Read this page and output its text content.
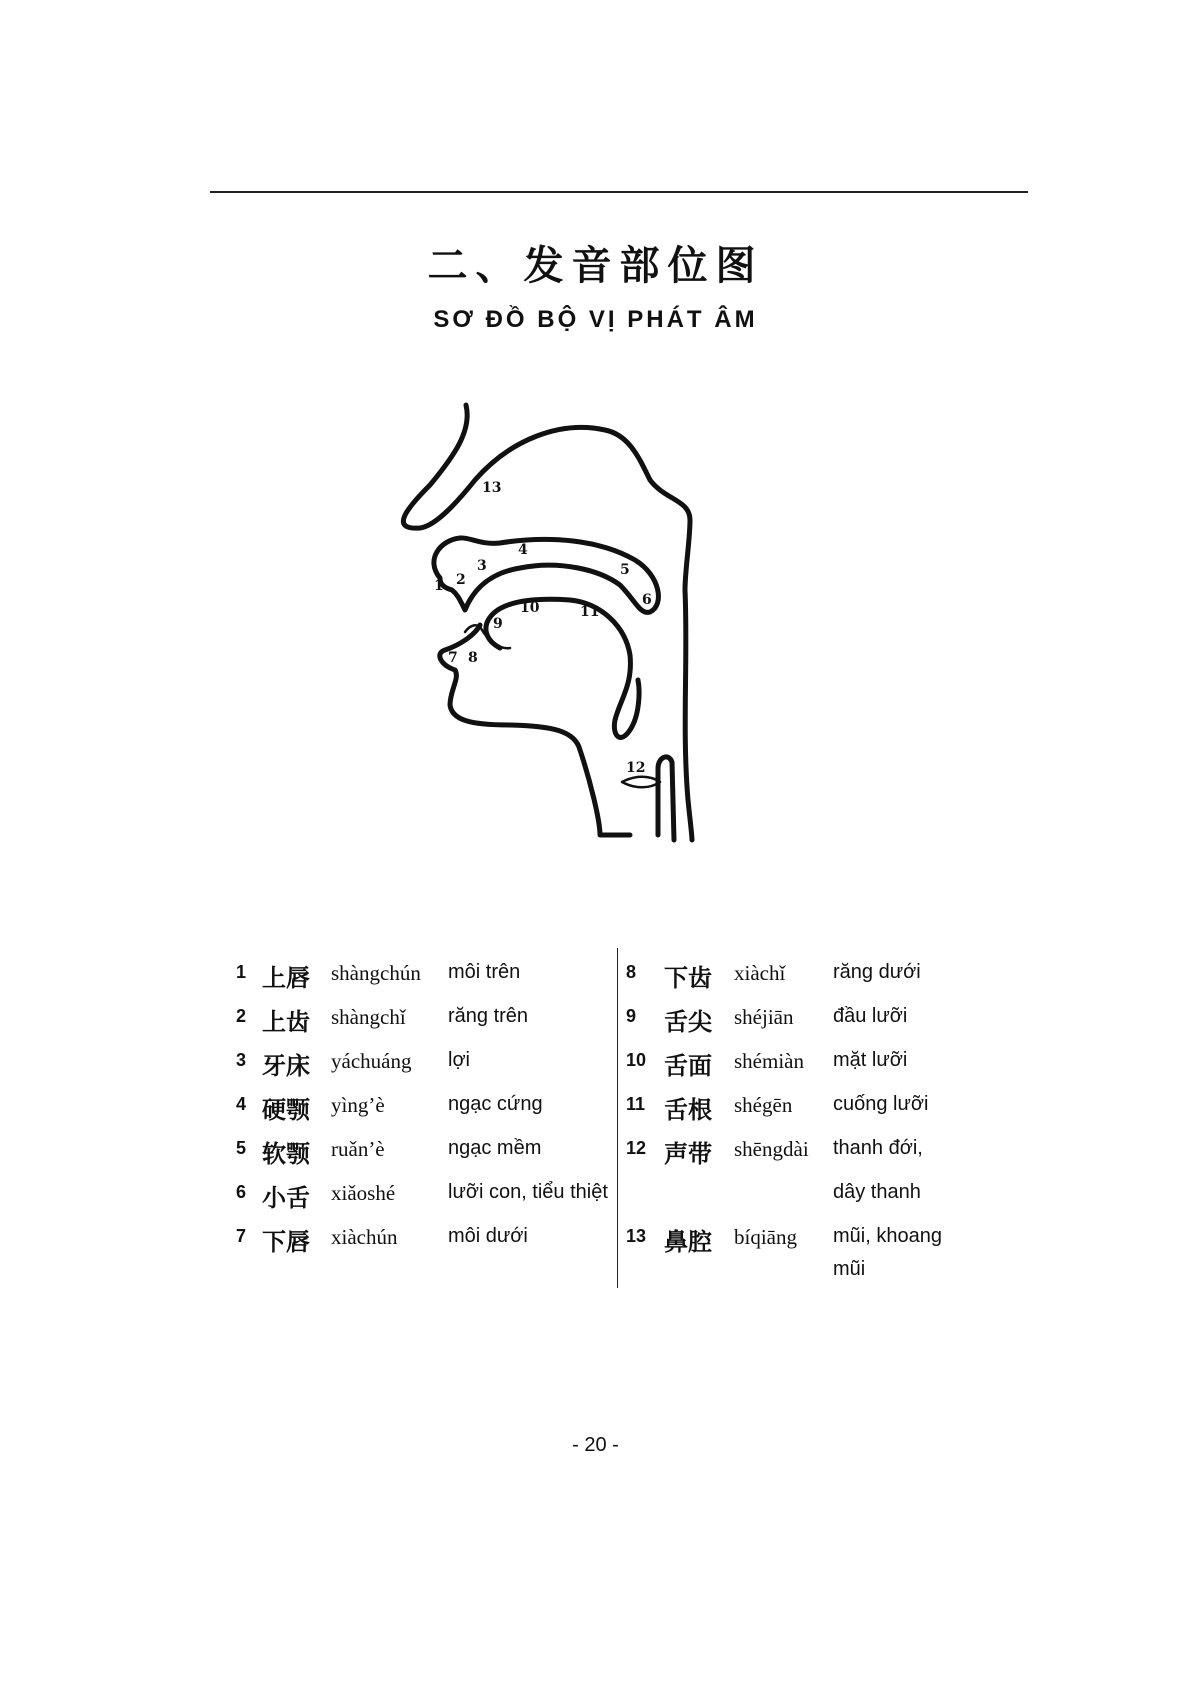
二、发音部位图
SƠ ĐỒ BỘ VỊ PHÁT ÂM
13
4
5
6
1 2
3
10	11
9
7 8
12
1 上唇 shàngchún môi trên
2 上齿 shàngchǐ răng trên
3 牙床 yáchuáng lợi
4 硬颚 yìng’è	ngạc cứng
5 软颚 ruǎn’è	ngạc mềm
6 小舌 xiǎoshé	lưỡi con, tiểu thiệt
7 下唇 xiàchún	môi dưới
8 下齿 xiàchǐ răng dưới
9 舌尖 shéjiān đầu lưỡi
10 舌面 shémiàn mặt lưỡi
11 舌根 shégēn cuống lưỡi
12 声带 shēngdài thanh đới,
dây thanh
13 鼻腔 bíqiāng mũi, khoang
mũi
- 20 -
